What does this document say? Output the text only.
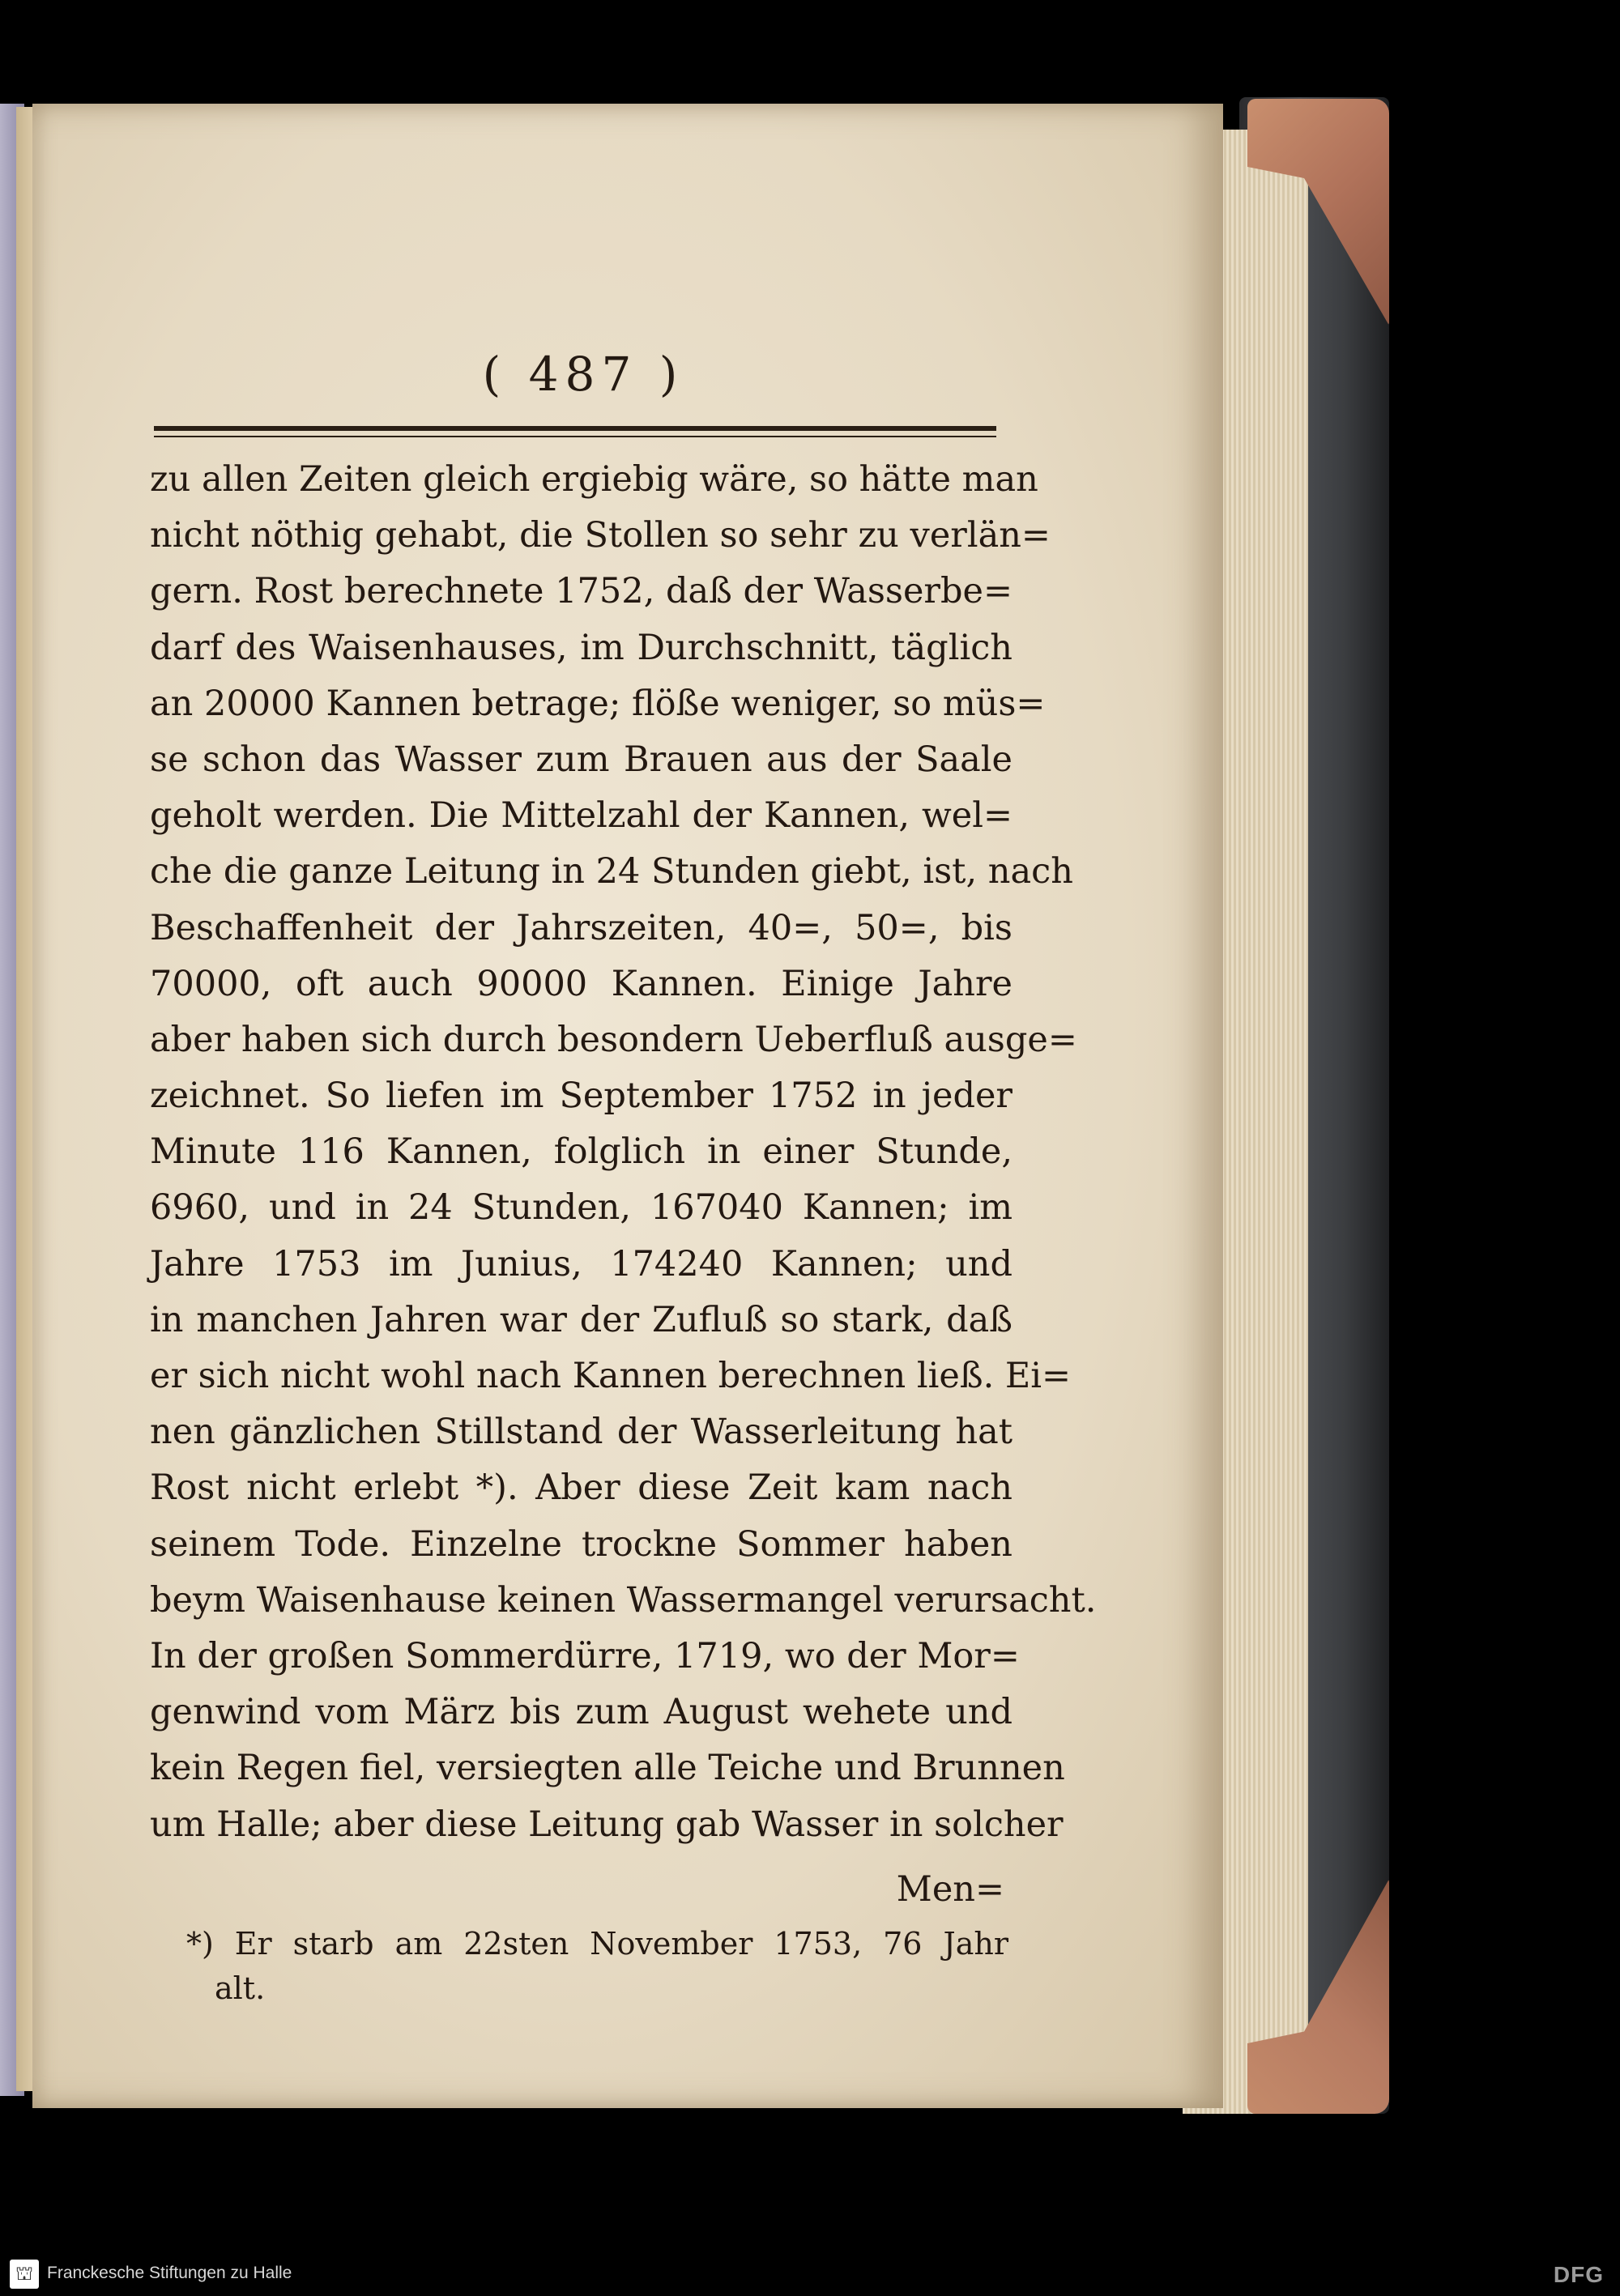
( 487 )
zu allen Zeiten gleich ergiebig wäre, so hätte man
nicht nöthig gehabt, die Stollen so sehr zu verlän=
gern. Rost berechnete 1752, daß der Wasserbe=
darf des Waisenhauses, im Durchschnitt, täglich
an 20000 Kannen betrage; flöße weniger, so müs=
se schon das Wasser zum Brauen aus der Saale
geholt werden. Die Mittelzahl der Kannen, wel=
che die ganze Leitung in 24 Stunden giebt, ist, nach
Beschaffenheit der Jahrszeiten, 40=, 50=, bis
70000, oft auch 90000 Kannen. Einige Jahre
aber haben sich durch besondern Ueberfluß ausge=
zeichnet. So liefen im September 1752 in jeder
Minute 116 Kannen, folglich in einer Stunde,
6960, und in 24 Stunden, 167040 Kannen; im
Jahre 1753 im Junius, 174240 Kannen; und
in manchen Jahren war der Zufluß so stark, daß
er sich nicht wohl nach Kannen berechnen ließ. Ei=
nen gänzlichen Stillstand der Wasserleitung hat
Rost nicht erlebt *). Aber diese Zeit kam nach
seinem Tode. Einzelne trockne Sommer haben
beym Waisenhause keinen Wassermangel verursacht.
In der großen Sommerdürre, 1719, wo der Mor=
genwind vom März bis zum August wehete und
kein Regen fiel, versiegten alle Teiche und Brunnen
um Halle; aber diese Leitung gab Wasser in solcher
Men=
*) Er starb am 22sten November 1753, 76 Jahr
alt.
⛫ Franckesche Stiftungen zu Halle	DFG
